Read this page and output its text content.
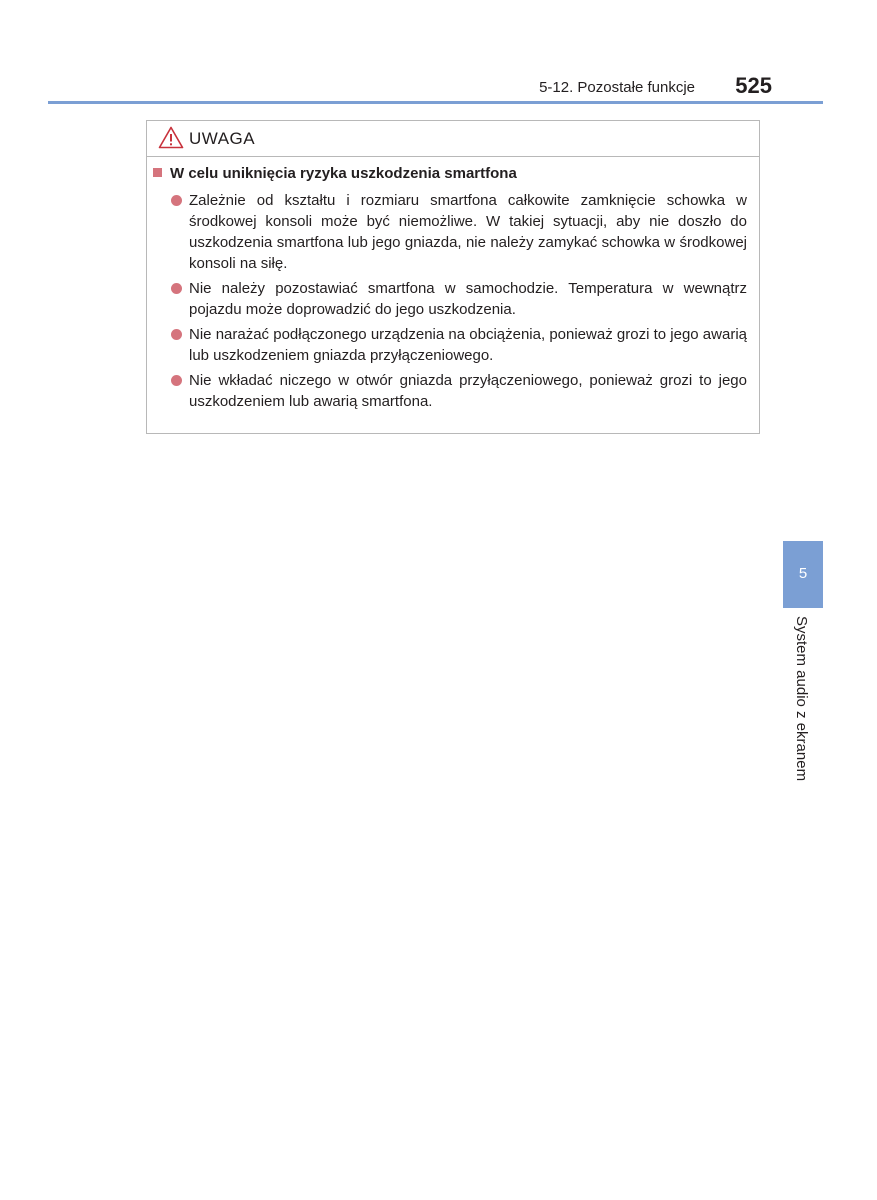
5-12. Pozostałe funkcje 525
UWAGA
W celu uniknięcia ryzyka uszkodzenia smartfona
Zależnie od kształtu i rozmiaru smartfona całkowite zamknięcie schowka w środkowej konsoli może być niemożliwe. W takiej sytuacji, aby nie doszło do uszkodzenia smartfona lub jego gniazda, nie należy zamykać schowka w środkowej konsoli na siłę.
Nie należy pozostawiać smartfona w samochodzie. Temperatura w wewnątrz pojazdu może doprowadzić do jego uszkodzenia.
Nie narażać podłączonego urządzenia na obciążenia, ponieważ grozi to jego awarią lub uszkodzeniem gniazda przyłączeniowego.
Nie wkładać niczego w otwór gniazda przyłączeniowego, ponieważ grozi to jego uszkodzeniem lub awarią smartfona.
5
System audio z ekranem
